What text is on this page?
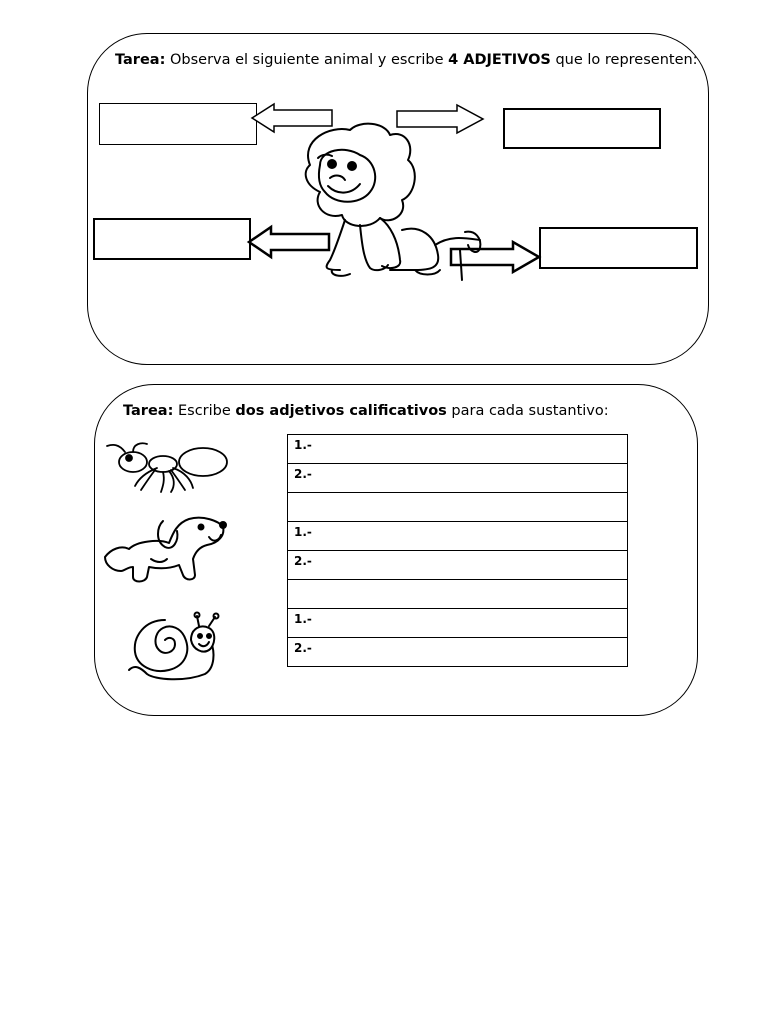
Tarea: Observa el siguiente animal y escribe 4 ADJETIVOS que lo representen:
Tarea: Escribe dos adjetivos calificativos para cada sustantivo:
1.-
2.-

1.-
2.-

1.-
2.-
